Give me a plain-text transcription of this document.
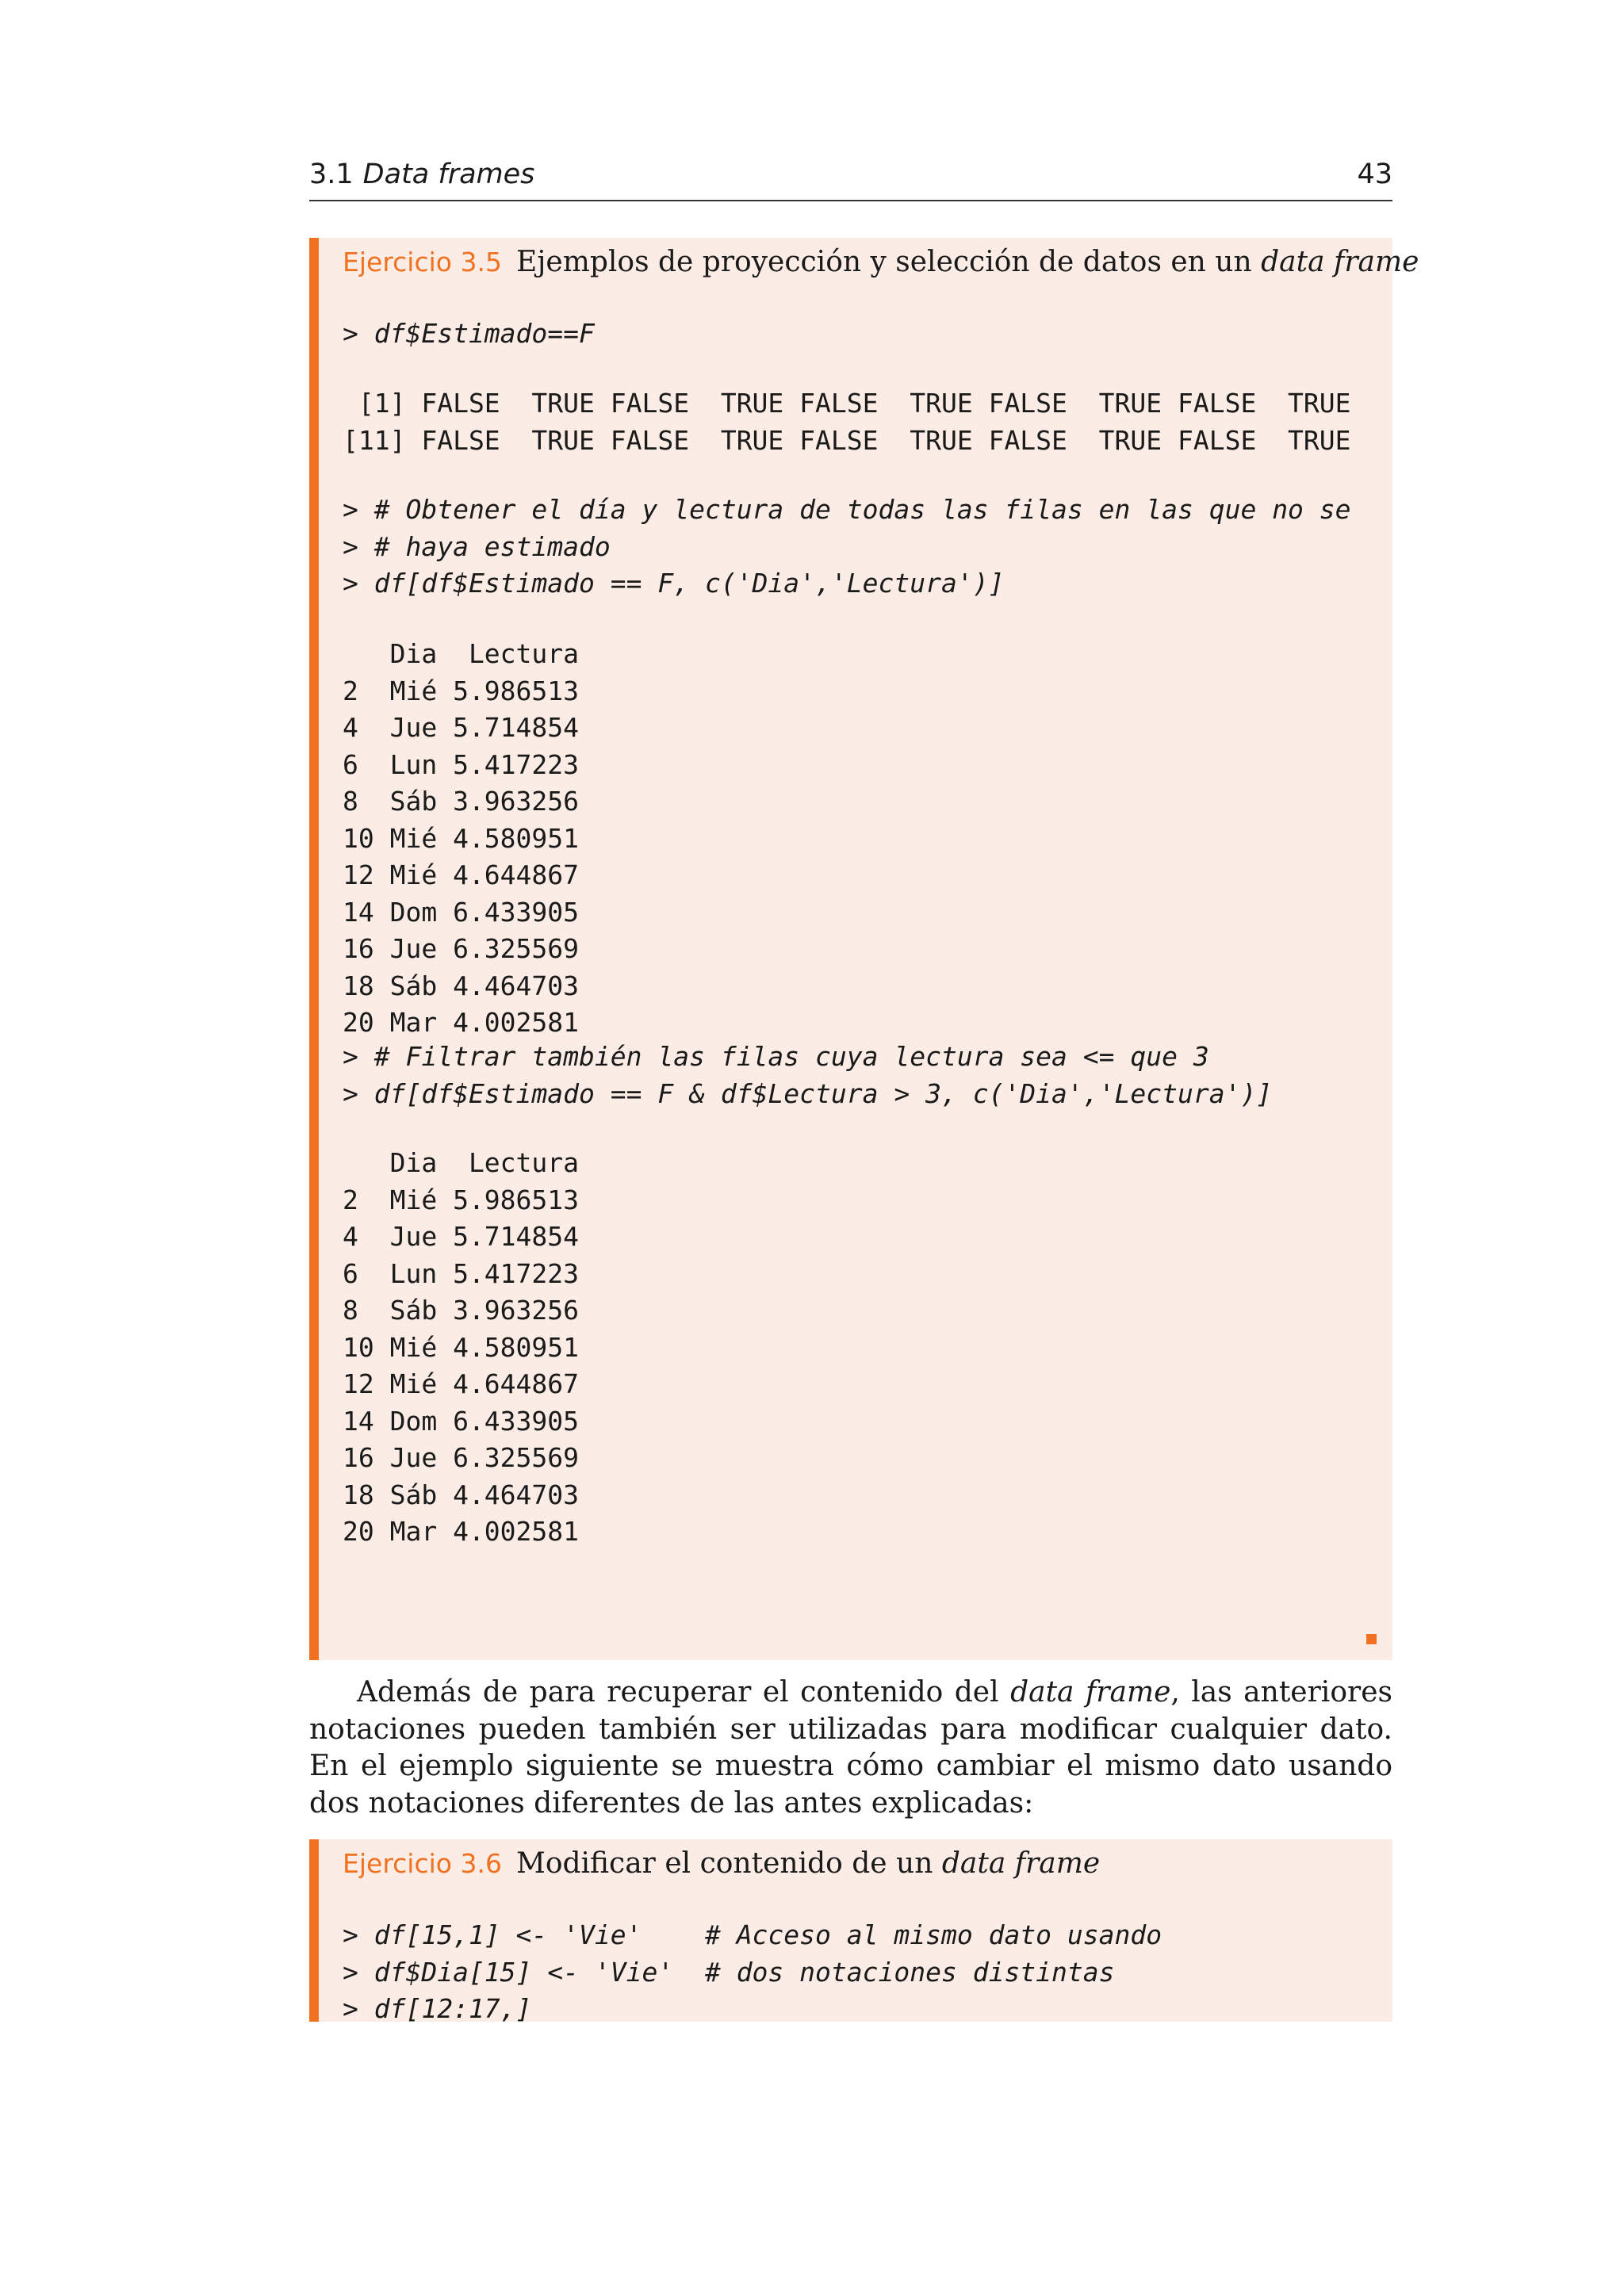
3.1 Data frames	43
Ejercicio 3.5 Ejemplos de proyección y selección de datos en un data frame
> df$Estimado==F
[1] FALSE  TRUE FALSE  TRUE FALSE  TRUE FALSE  TRUE FALSE  TRUE
[11] FALSE  TRUE FALSE  TRUE FALSE  TRUE FALSE  TRUE FALSE  TRUE
> # Obtener el día y lectura de todas las filas en las que no se
> # haya estimado
> df[df$Estimado == F, c('Dia','Lectura')]
Dia  Lectura
2  Mié 5.986513
4  Jue 5.714854
6  Lun 5.417223
8  Sáb 3.963256
10 Mié 4.580951
12 Mié 4.644867
14 Dom 6.433905
16 Jue 6.325569
18 Sáb 4.464703
20 Mar 4.002581
> # Filtrar también las filas cuya lectura sea <= que 3
> df[df$Estimado == F & df$Lectura > 3, c('Dia','Lectura')]
Dia  Lectura
2  Mié 5.986513
4  Jue 5.714854
6  Lun 5.417223
8  Sáb 3.963256
10 Mié 4.580951
12 Mié 4.644867
14 Dom 6.433905
16 Jue 6.325569
18 Sáb 4.464703
20 Mar 4.002581

Además de para recuperar el contenido del data frame, las anteriores notaciones pueden también ser utilizadas para modificar cualquier dato. En el ejemplo siguiente se muestra cómo cambiar el mismo dato usando dos notaciones diferentes de las antes explicadas:

Ejercicio 3.6 Modificar el contenido de un data frame
> df[15,1] <- 'Vie'    # Acceso al mismo dato usando
> df$Dia[15] <- 'Vie'  # dos notaciones distintas
> df[12:17,]
